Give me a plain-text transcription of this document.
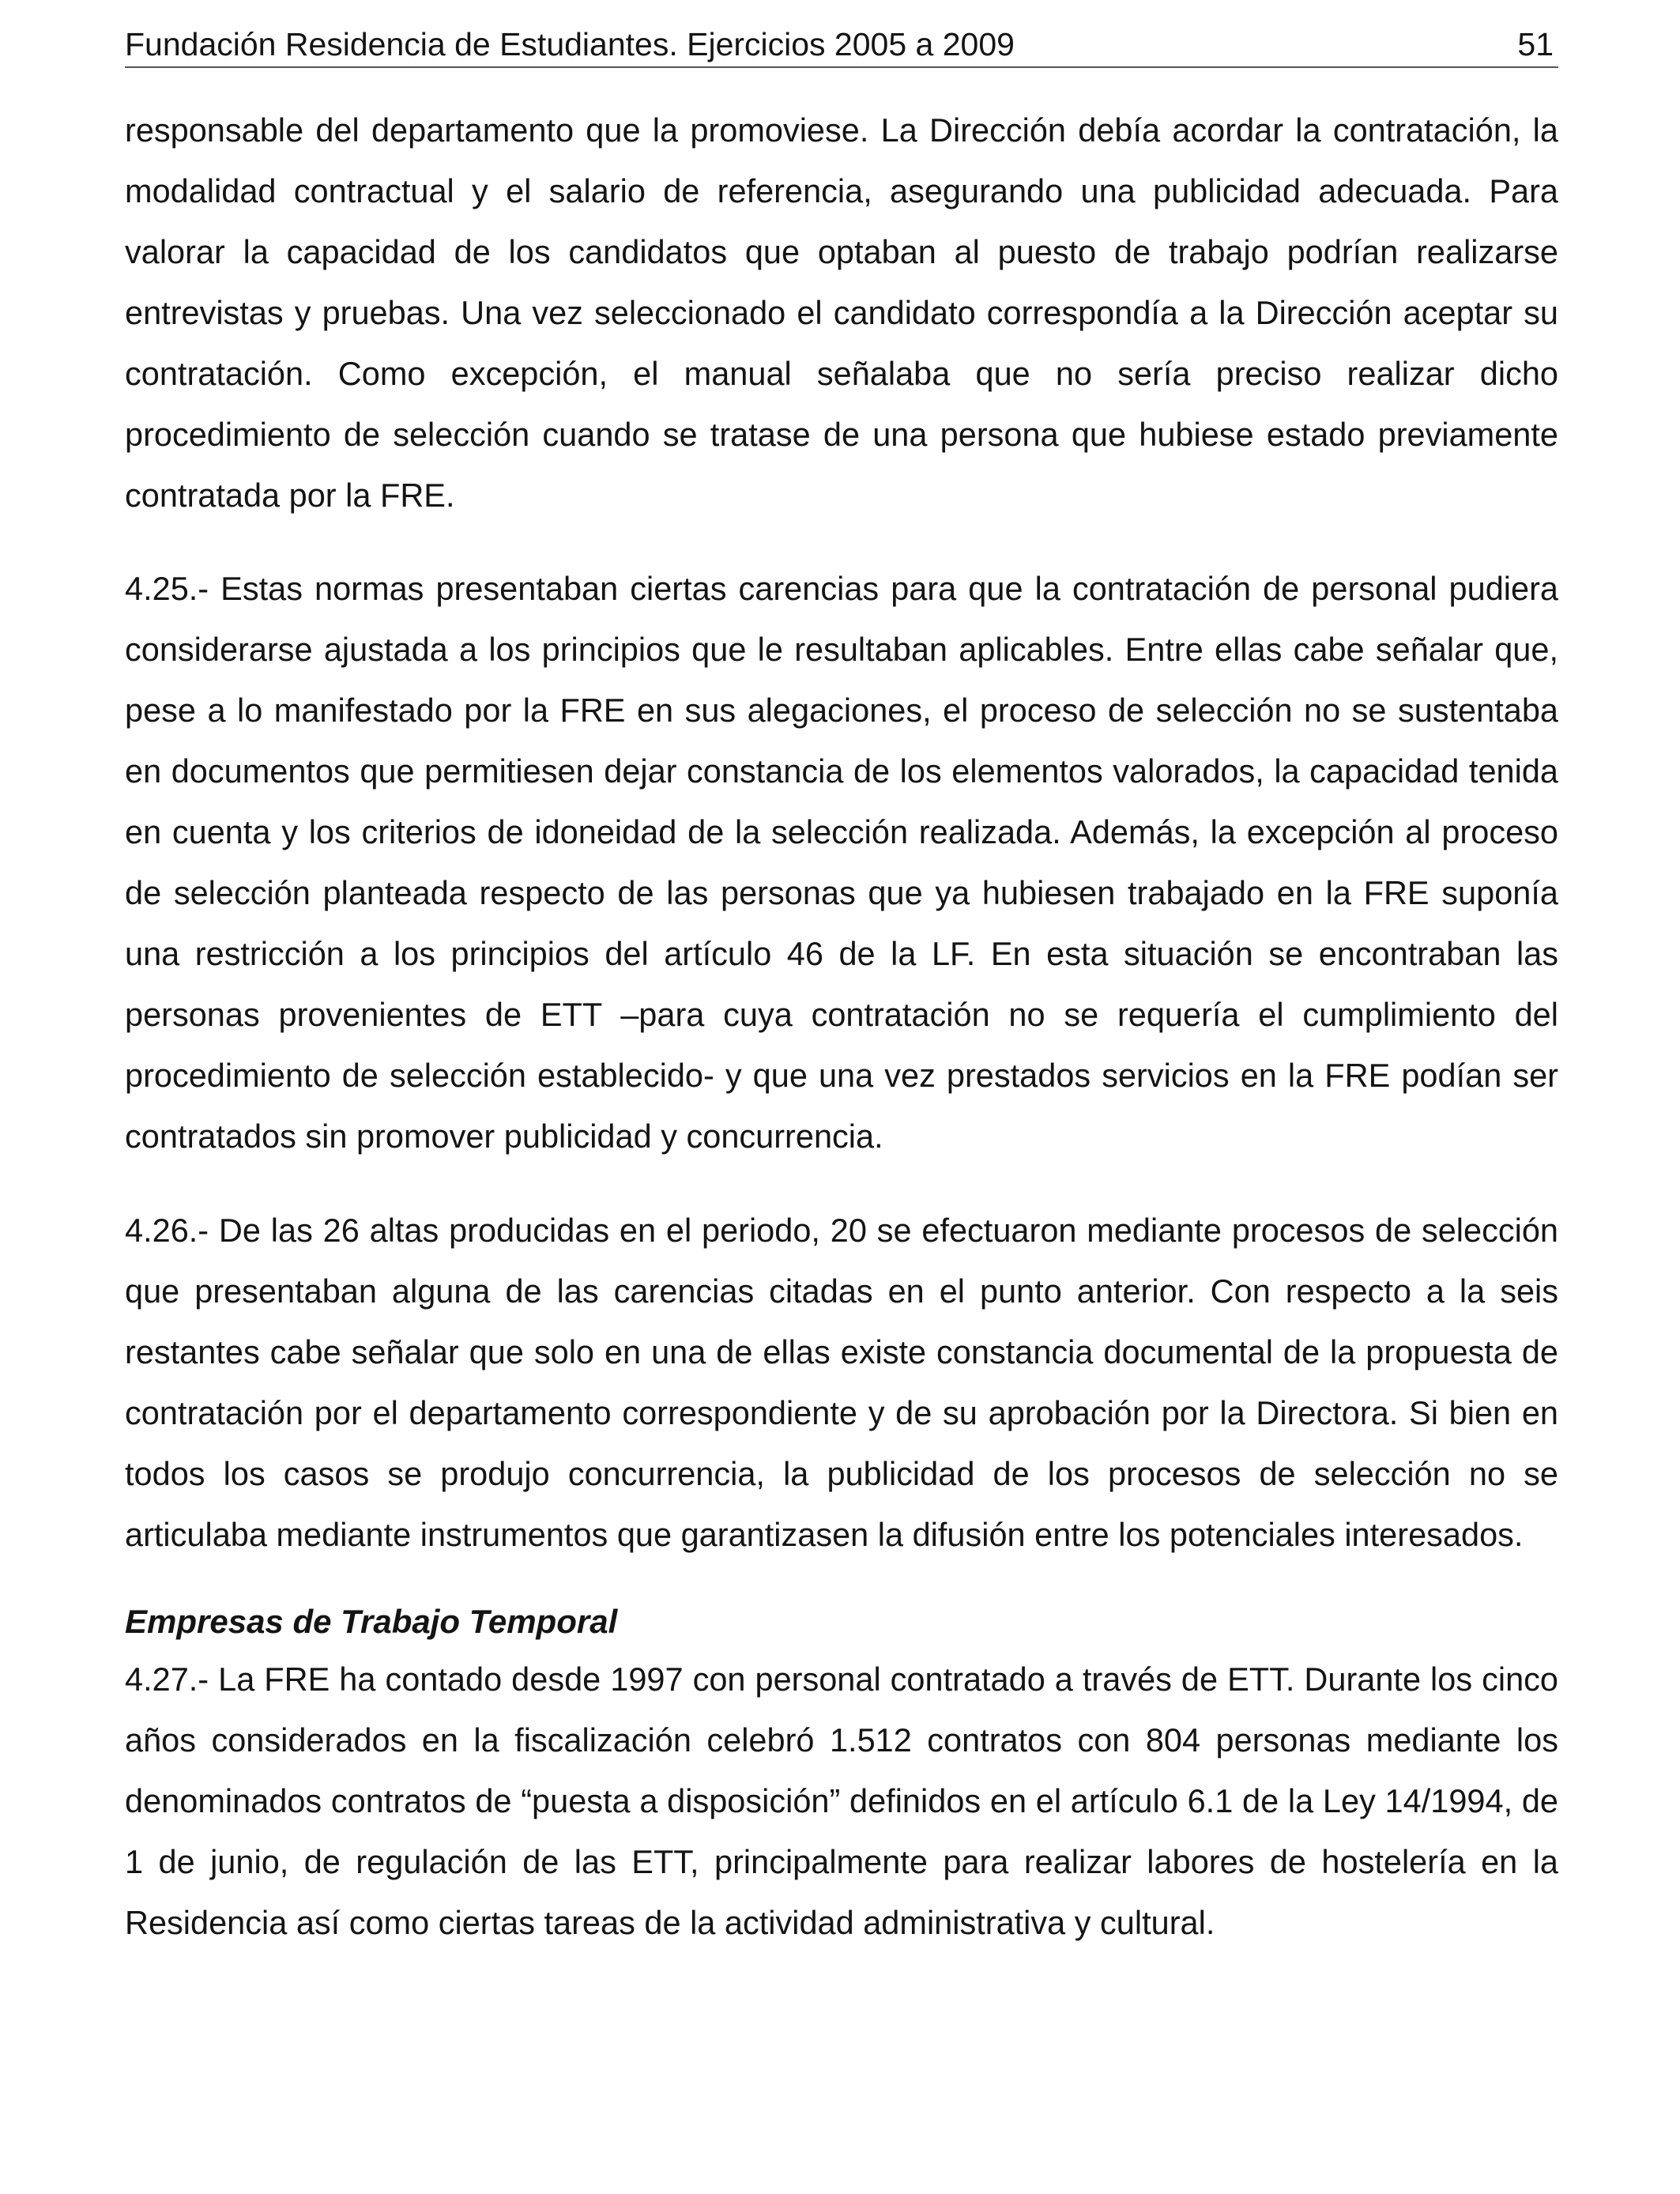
Fundación Residencia de Estudiantes. Ejercicios 2005 a 2009	51

responsable del departamento que la promoviese. La Dirección debía acordar la contratación, la modalidad contractual y el salario de referencia, asegurando una publicidad adecuada. Para valorar la capacidad de los candidatos que optaban al puesto de trabajo podrían realizarse entrevistas y pruebas. Una vez seleccionado el candidato correspondía a la Dirección aceptar su contratación. Como excepción, el manual señalaba que no sería preciso realizar dicho procedimiento de selección cuando se tratase de una persona que hubiese estado previamente contratada por la FRE.

4.25.- Estas normas presentaban ciertas carencias para que la contratación de personal pudiera considerarse ajustada a los principios que le resultaban aplicables. Entre ellas cabe señalar que, pese a lo manifestado por la FRE en sus alegaciones, el proceso de selección no se sustentaba en documentos que permitiesen dejar constancia de los elementos valorados, la capacidad tenida en cuenta y los criterios de idoneidad de la selección realizada. Además, la excepción al proceso de selección planteada respecto de las personas que ya hubiesen trabajado en la FRE suponía una restricción a los principios del artículo 46 de la LF. En esta situación se encontraban las personas provenientes de ETT –para cuya contratación no se requería el cumplimiento del procedimiento de selección establecido- y que una vez prestados servicios en la FRE podían ser contratados sin promover publicidad y concurrencia.

4.26.- De las 26 altas producidas en el periodo, 20 se efectuaron mediante procesos de selección que presentaban alguna de las carencias citadas en el punto anterior. Con respecto a la seis restantes cabe señalar que solo en una de ellas existe constancia documental de la propuesta de contratación por el departamento correspondiente y de su aprobación por la Directora. Si bien en todos los casos se produjo concurrencia, la publicidad de los procesos de selección no se articulaba mediante instrumentos que garantizasen la difusión entre los potenciales interesados.

Empresas de Trabajo Temporal

4.27.- La FRE ha contado desde 1997 con personal contratado a través de ETT. Durante los cinco años considerados en la fiscalización celebró 1.512 contratos con 804 personas mediante los denominados contratos de “puesta a disposición” definidos en el artículo 6.1 de la Ley 14/1994, de 1 de junio, de regulación de las ETT, principalmente para realizar labores de hostelería en la Residencia así como ciertas tareas de la actividad administrativa y cultural.
